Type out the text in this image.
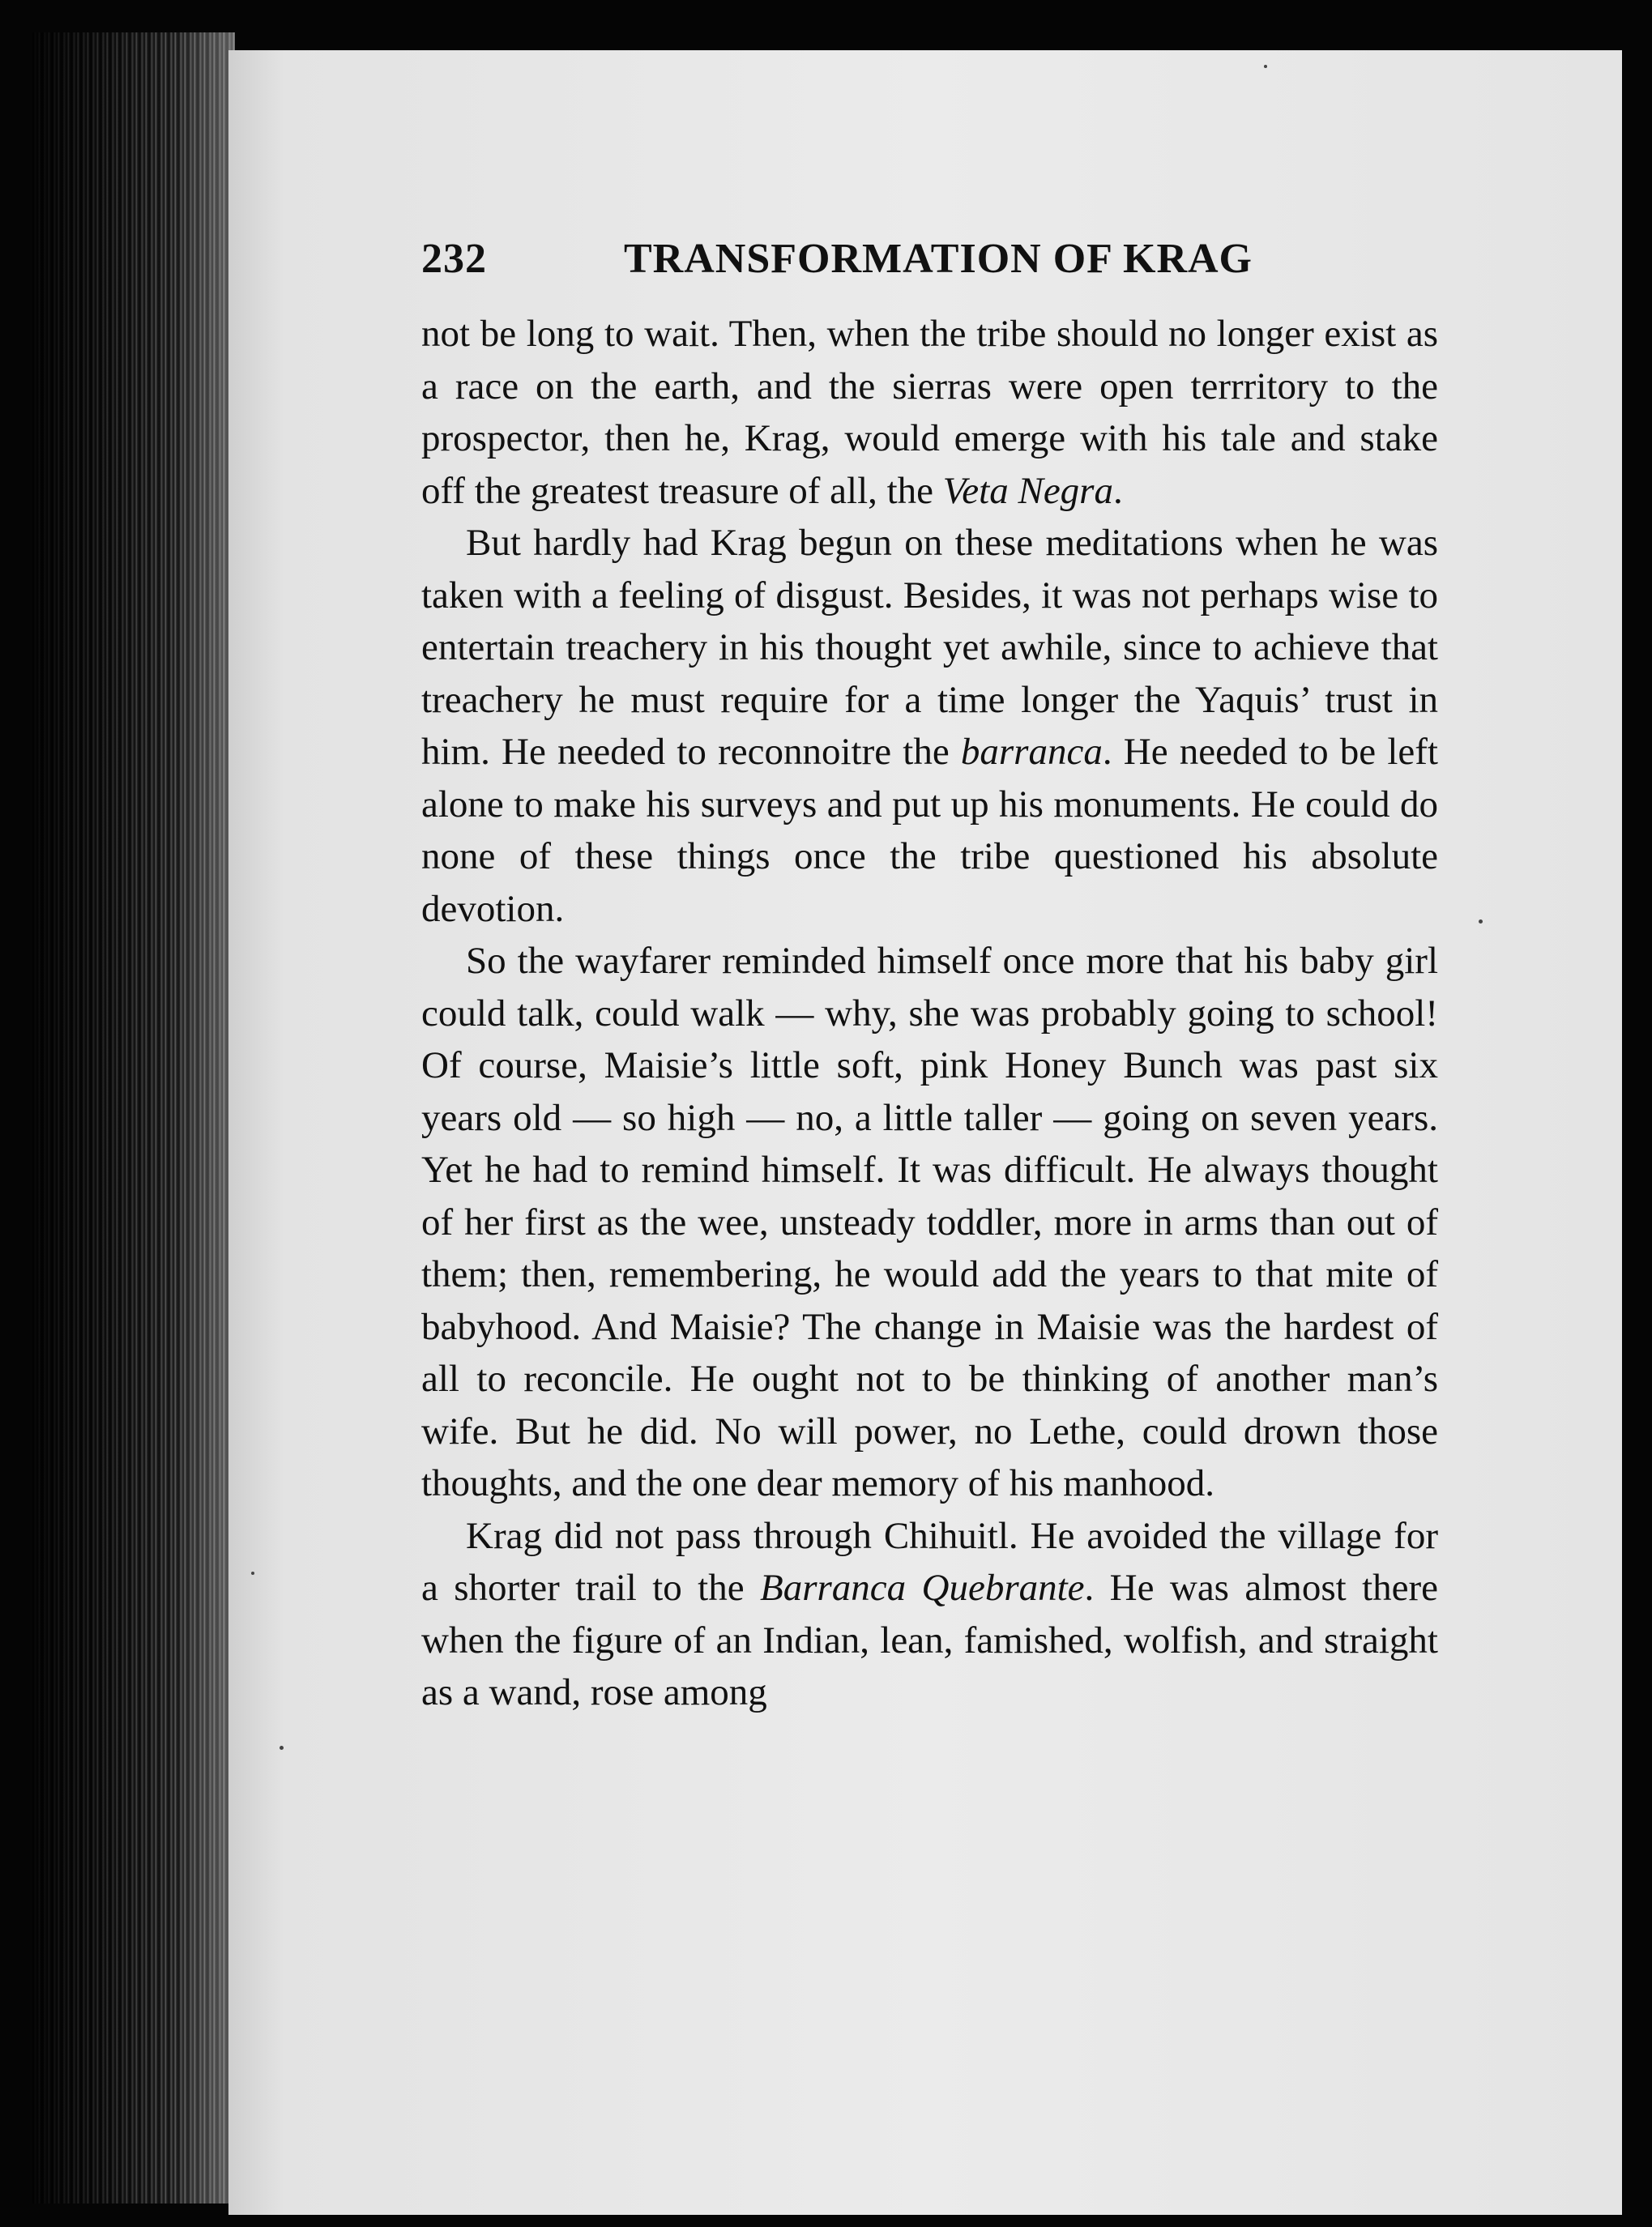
232	TRANSFORMATION OF KRAG

not be long to wait. Then, when the tribe should no longer exist as a race on the earth, and the sierras were open terrritory to the prospector, then he, Krag, would emerge with his tale and stake off the greatest treasure of all, the Veta Negra.

But hardly had Krag begun on these meditations when he was taken with a feeling of disgust. Besides, it was not perhaps wise to entertain treachery in his thought yet awhile, since to achieve that treachery he must require for a time longer the Yaquis’ trust in him. He needed to reconnoitre the barranca. He needed to be left alone to make his surveys and put up his monuments. He could do none of these things once the tribe questioned his absolute devotion.

So the wayfarer reminded himself once more that his baby girl could talk, could walk — why, she was probably going to school! Of course, Maisie’s little soft, pink Honey Bunch was past six years old — so high — no, a little taller — going on seven years. Yet he had to remind himself. It was difficult. He always thought of her first as the wee, unsteady toddler, more in arms than out of them; then, remembering, he would add the years to that mite of babyhood. And Maisie? The change in Maisie was the hardest of all to reconcile. He ought not to be thinking of another man’s wife. But he did. No will power, no Lethe, could drown those thoughts, and the one dear memory of his manhood.

Krag did not pass through Chihuitl. He avoided the village for a shorter trail to the Barranca Quebrante. He was almost there when the figure of an Indian, lean, famished, wolfish, and straight as a wand, rose among
